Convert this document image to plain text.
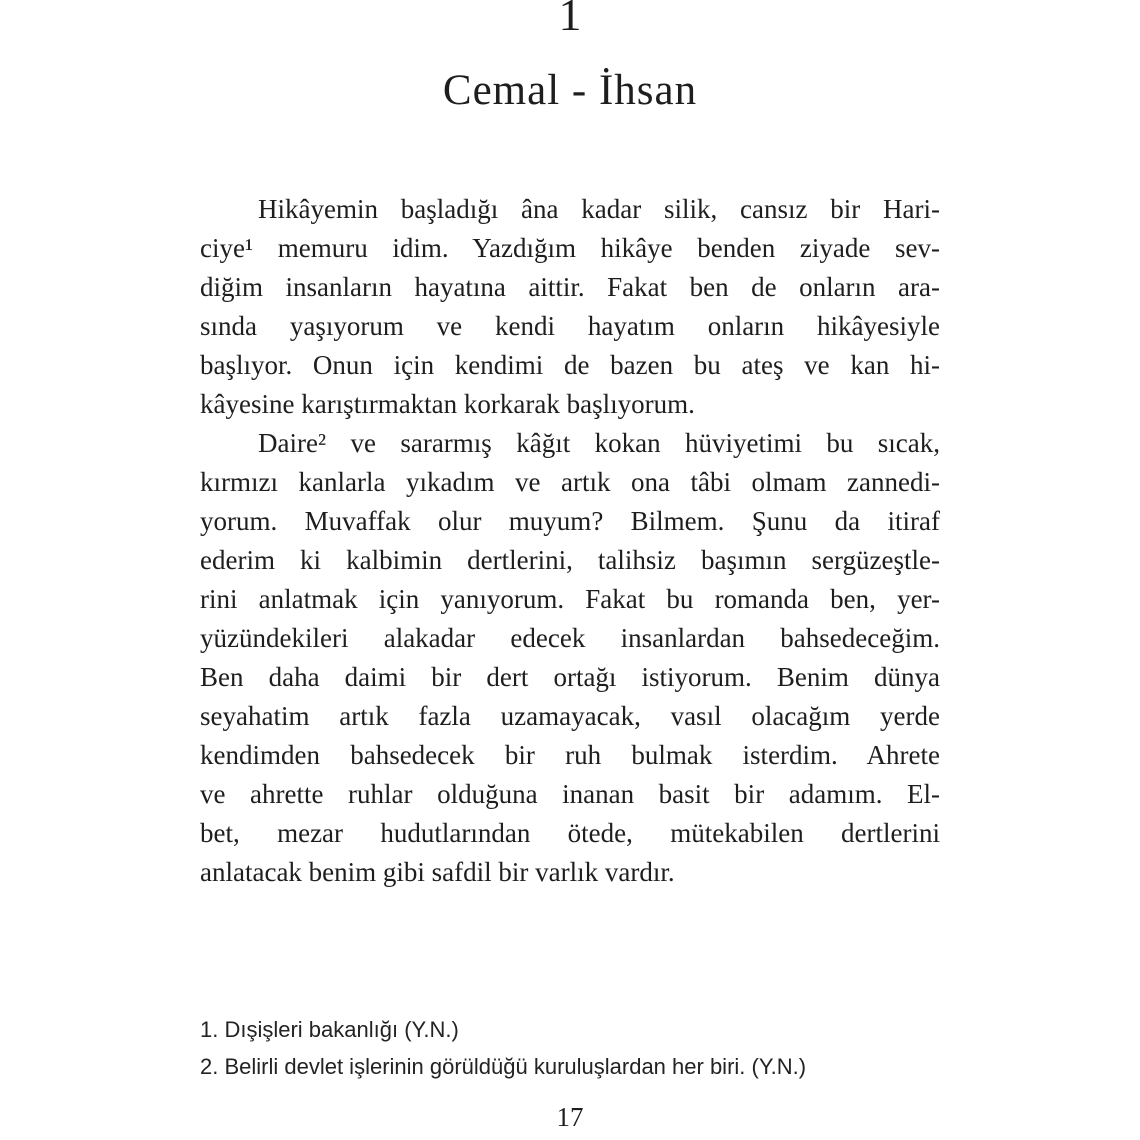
1
Cemal - İhsan
Hikâyemin başladığı âna kadar silik, cansız bir Hari-
ciye¹ memuru idim. Yazdığım hikâye benden ziyade sev-
diğim insanların hayatına aittir. Fakat ben de onların ara-
sında yaşıyorum ve kendi hayatım onların hikâyesiyle
başlıyor. Onun için kendimi de bazen bu ateş ve kan hi-
kâyesine karıştırmaktan korkarak başlıyorum.
Daire² ve sararmış kâğıt kokan hüviyetimi bu sıcak,
kırmızı kanlarla yıkadım ve artık ona tâbi olmam zannedi-
yorum. Muvaffak olur muyum? Bilmem. Şunu da itiraf
ederim ki kalbimin dertlerini, talihsiz başımın sergüzeştle-
rini anlatmak için yanıyorum. Fakat bu romanda ben, yer-
yüzündekileri alakadar edecek insanlardan bahsedeceğim.
Ben daha daimi bir dert ortağı istiyorum. Benim dünya
seyahatim artık fazla uzamayacak, vasıl olacağım yerde
kendimden bahsedecek bir ruh bulmak isterdim. Ahrete
ve ahrette ruhlar olduğuna inanan basit bir adamım. El-
bet, mezar hudutlarından ötede, mütekabilen dertlerini
anlatacak benim gibi safdil bir varlık vardır.
1. Dışişleri bakanlığı (Y.N.)
2. Belirli devlet işlerinin görüldüğü kuruluşlardan her biri. (Y.N.)
17
